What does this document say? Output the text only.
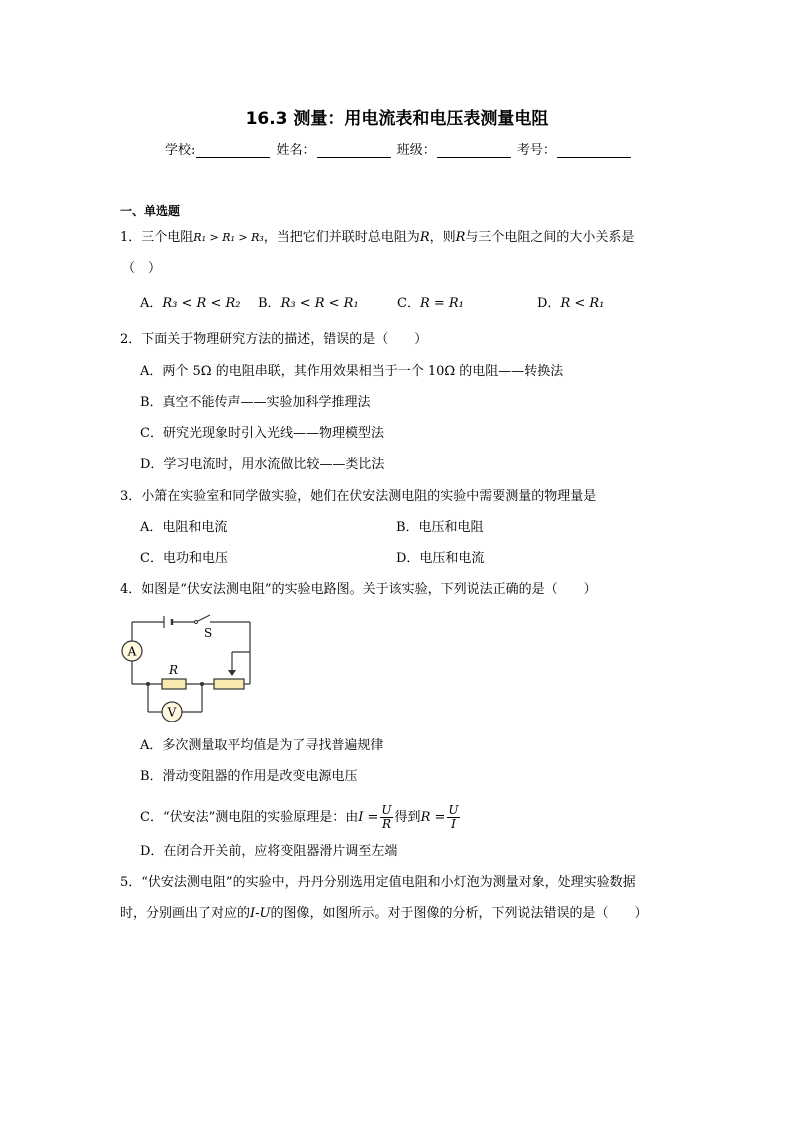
16.3 测量：用电流表和电压表测量电阻
学校:	姓名：	班级：	考号：
一、单选题
1．三个电阻R₁ > R₁ > R₃，当把它们并联时总电阻为R，则R与三个电阻之间的大小关系是
（　）
A．R₃ < R < R₂ B．R₃ < R < R₁	C．R = R₁	D．R < R₁
2．下面关于物理研究方法的描述，错误的是（　　）
A．两个 5Ω 的电阻串联，其作用效果相当于一个 10Ω 的电阻——转换法
B．真空不能传声——实验加科学推理法
C．研究光现象时引入光线——物理模型法
D．学习电流时，用水流做比较——类比法
3．小箫在实验室和同学做实验，她们在伏安法测电阻的实验中需要测量的物理量是
A．电阻和电流	B．电压和电阻
C．电功和电压	D．电压和电流
4．如图是“伏安法测电阻”的实验电路图。关于该实验，下列说法正确的是（　　）
A
V
S
R
A．多次测量取平均值是为了寻找普遍规律
B．滑动变阻器的作用是改变电源电压
C．“伏安法”测电阻的实验原理是：由$I = \frac{U}{R}$ 得到$R = \frac{U}{I}$
D．在闭合开关前，应将变阻器滑片调至左端
5．“伏安法测电阻”的实验中，丹丹分别选用定值电阻和小灯泡为测量对象，处理实验数据
时，分别画出了对应的I-U的图像，如图所示。对于图像的分析，下列说法错误的是（　　）
